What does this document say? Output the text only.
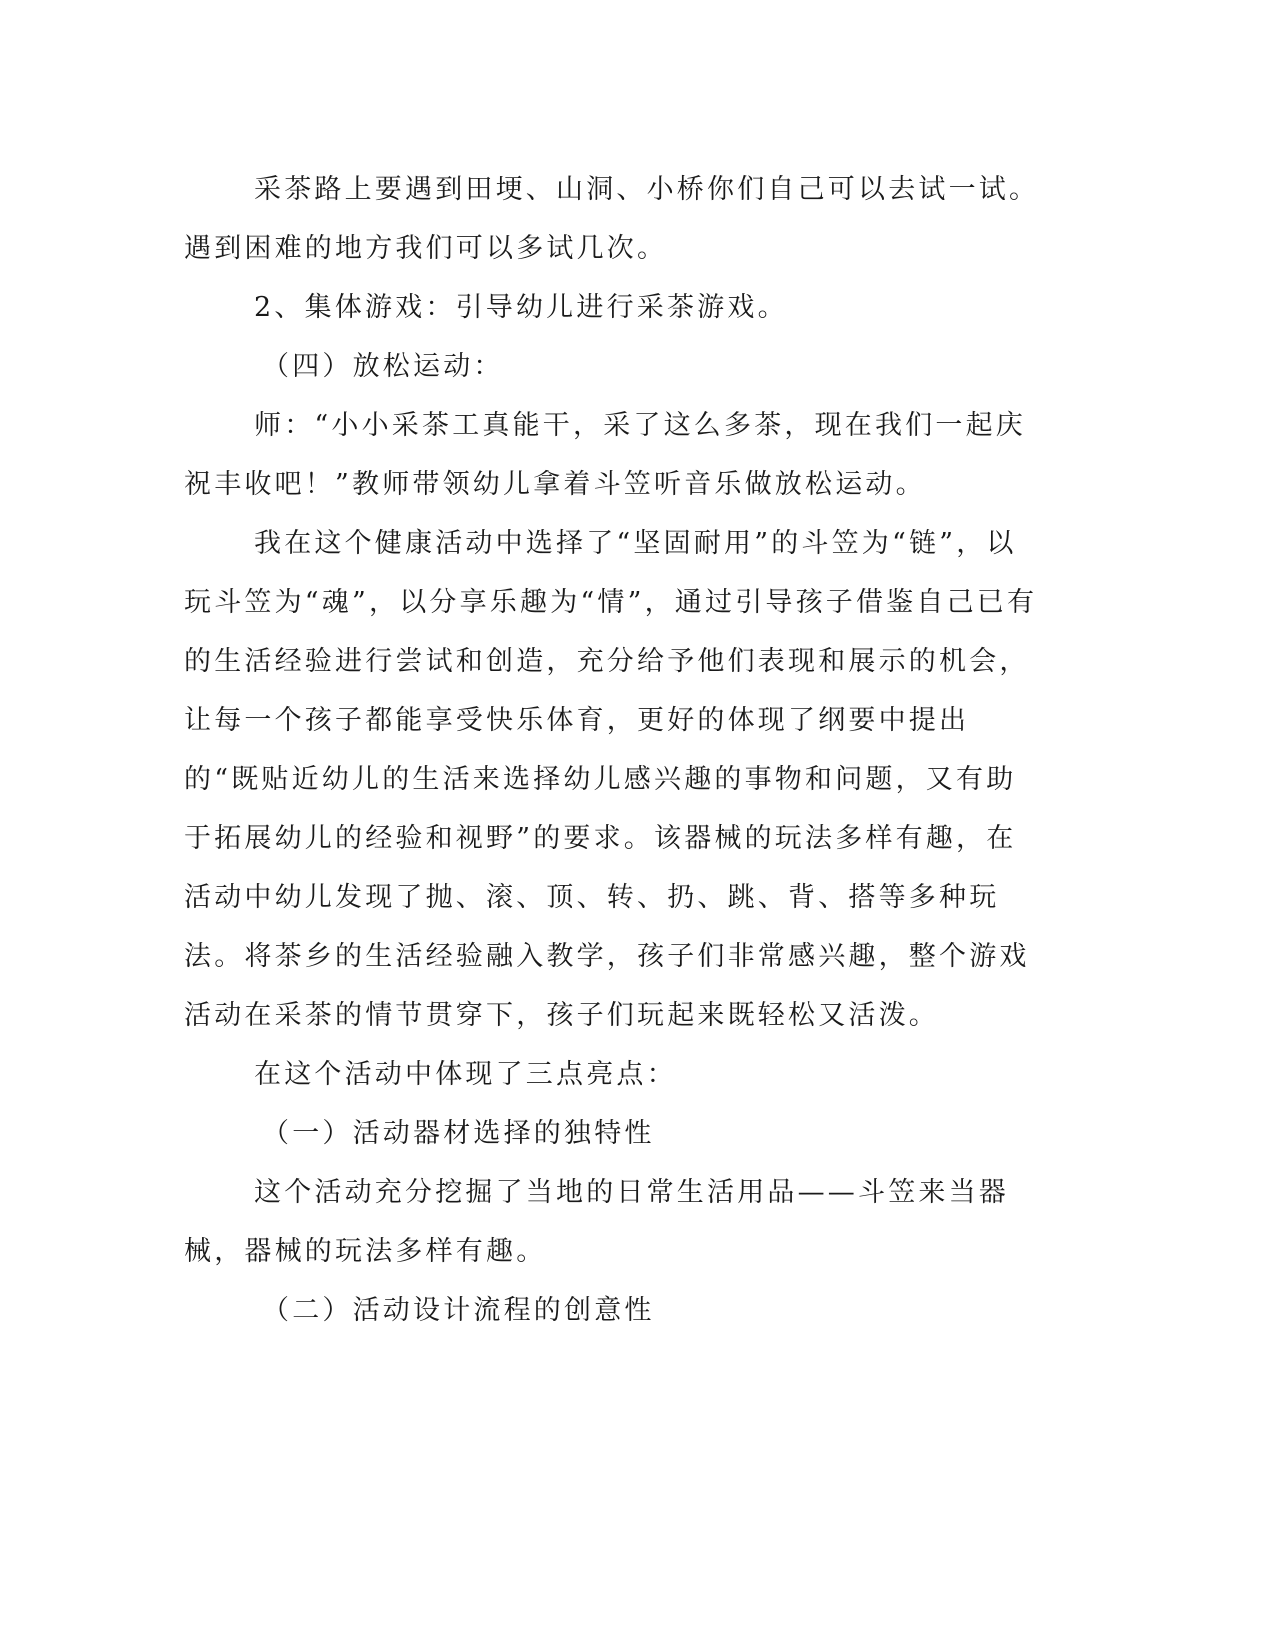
采茶路上要遇到田埂、山洞、小桥你们自己可以去试一试。遇到困难的地方我们可以多试几次。

2、集体游戏：引导幼儿进行采茶游戏。

（四）放松运动：

师：“小小采茶工真能干，采了这么多茶，现在我们一起庆祝丰收吧！”教师带领幼儿拿着斗笠听音乐做放松运动。

我在这个健康活动中选择了“坚固耐用”的斗笠为“链”，以玩斗笠为“魂”，以分享乐趣为“情”，通过引导孩子借鉴自己已有的生活经验进行尝试和创造，充分给予他们表现和展示的机会，让每一个孩子都能享受快乐体育，更好的体现了纲要中提出的“既贴近幼儿的生活来选择幼儿感兴趣的事物和问题，又有助于拓展幼儿的经验和视野”的要求。该器械的玩法多样有趣，在活动中幼儿发现了抛、滚、顶、转、扔、跳、背、搭等多种玩法。将茶乡的生活经验融入教学，孩子们非常感兴趣，整个游戏活动在采茶的情节贯穿下，孩子们玩起来既轻松又活泼。

在这个活动中体现了三点亮点：

（一）活动器材选择的独特性

这个活动充分挖掘了当地的日常生活用品——斗笠来当器械，器械的玩法多样有趣。

（二）活动设计流程的创意性
